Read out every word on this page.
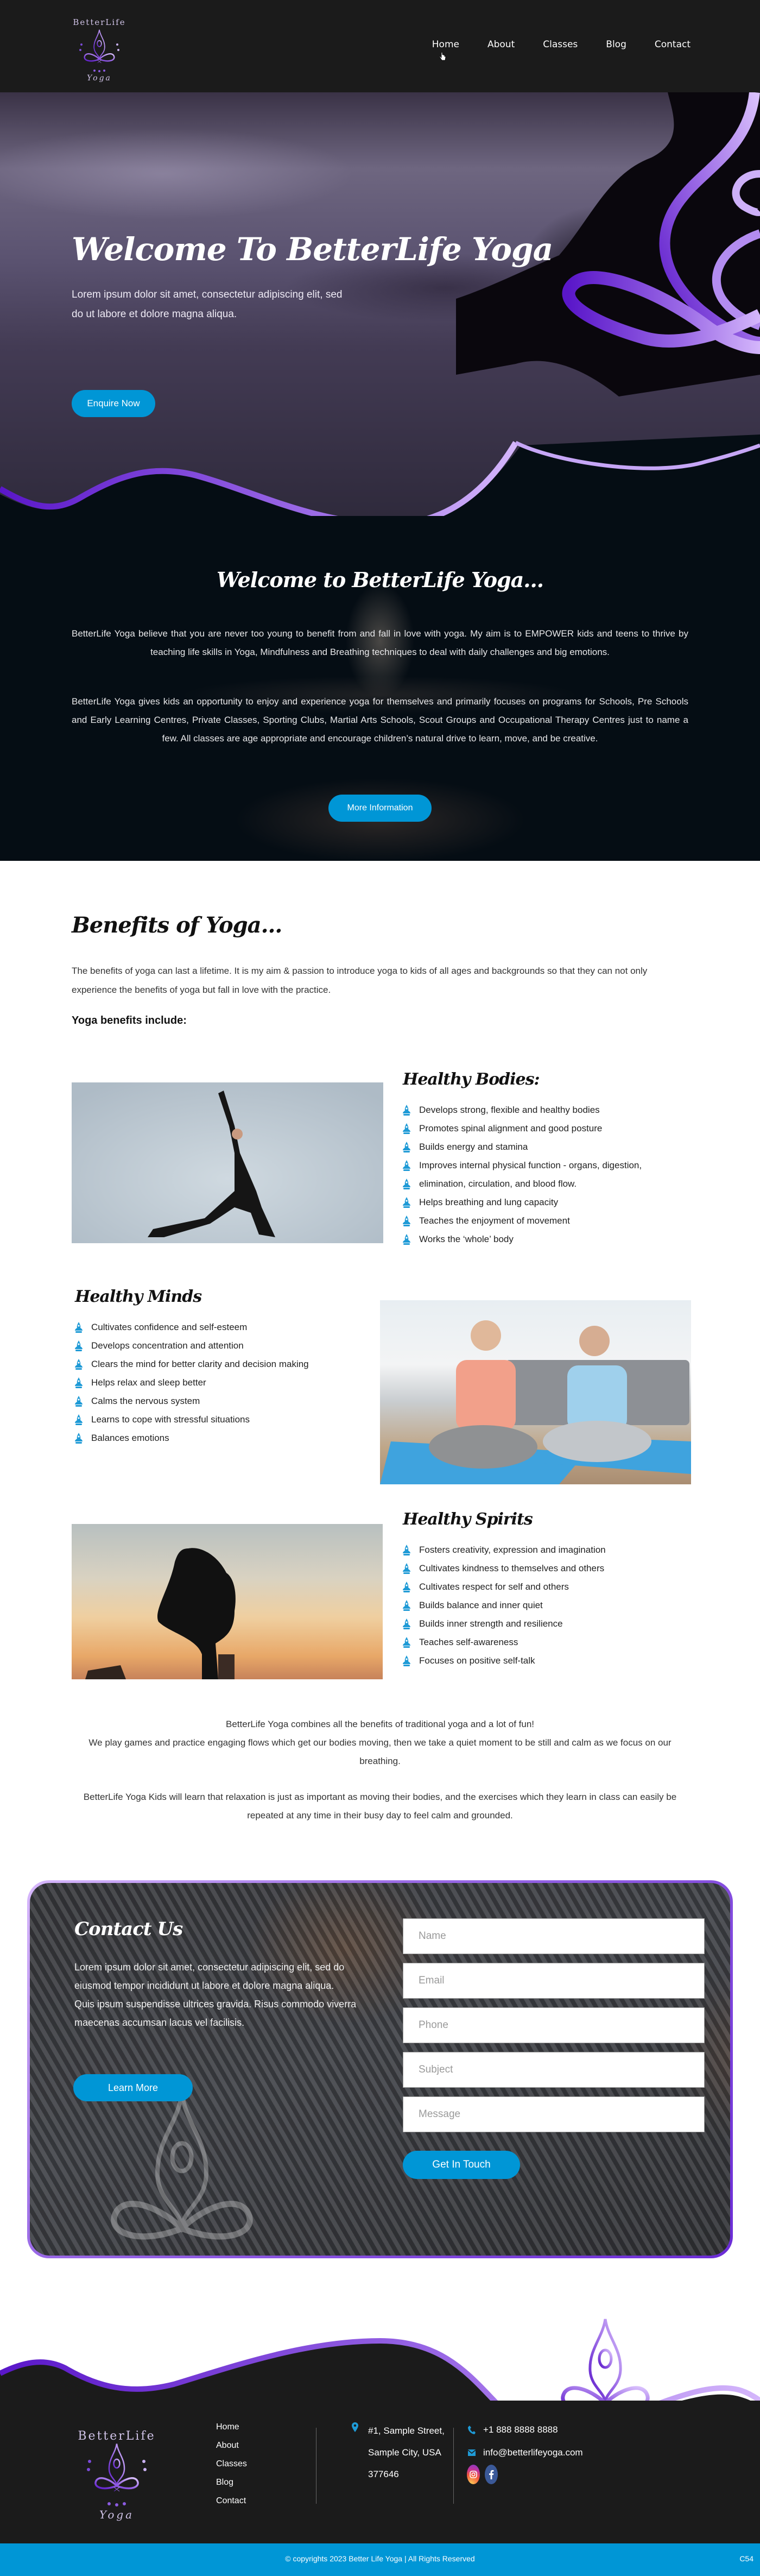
BetterLife
Yoga
Home	About	Classes	Blog	Contact
Welcome To BetterLife Yoga

Lorem ipsum dolor sit amet, consectetur adipiscing elit, sed do ut labore et dolore magna aliqua.

Enquire Now
Welcome to BetterLife Yoga...

BetterLife Yoga believe that you are never too young to benefit from and fall in love with yoga. My aim is to EMPOWER kids and teens to thrive by teaching life skills in Yoga, Mindfulness and Breathing techniques to deal with daily challenges and big emotions.

BetterLife Yoga gives kids an opportunity to enjoy and experience yoga for themselves and primarily focuses on programs for Schools, Pre Schools and Early Learning Centres, Private Classes, Sporting Clubs, Martial Arts Schools, Scout Groups and Occupational Therapy Centres just to name a few. All classes are age appropriate and encourage children’s natural drive to learn, move, and be creative.

More Information
Benefits of Yoga...

The benefits of yoga can last a lifetime. It is my aim & passion to introduce yoga to kids of all ages and backgrounds so that they can not only experience the benefits of yoga but fall in love with the practice.

Yoga benefits include:

Healthy Bodies:
Develops strong, flexible and healthy bodies
Promotes spinal alignment and good posture
Builds energy and stamina
Improves internal physical function - organs, digestion,
elimination, circulation, and blood flow.
Helps breathing and lung capacity
Teaches the enjoyment of movement
Works the ‘whole’ body
Healthy Minds
Cultivates confidence and self-esteem
Develops concentration and attention
Clears the mind for better clarity and decision making
Helps relax and sleep better
Calms the nervous system
Learns to cope with stressful situations
Balances emotions
Healthy Spirits
Fosters creativity, expression and imagination
Cultivates kindness to themselves and others
Cultivates respect for self and others
Builds balance and inner quiet
Builds inner strength and resilience
Teaches self-awareness
Focuses on positive self-talk

BetterLife Yoga combines all the benefits of traditional yoga and a lot of fun!

We play games and practice engaging flows which get our bodies moving, then we take a quiet moment to be still and calm as we focus on our breathing.

BetterLife Yoga Kids will learn that relaxation is just as important as moving their bodies, and the exercises which they learn in class can easily be repeated at any time in their busy day to feel calm and grounded.

Contact Us

Lorem ipsum dolor sit amet, consectetur adipiscing elit, sed do eiusmod tempor incididunt ut labore et dolore magna aliqua. Quis ipsum suspendisse ultrices gravida. Risus commodo viverra maecenas accumsan lacus vel facilisis.

Learn More
Name
Email
Phone
Subject
Message Get In Touch
BetterLife
Yoga
Home
About
Classes
Blog
Contact
#1, Sample Street,
Sample City, USA
377646
+1 888 8888 8888
info@betterlifeyoga.com
© copyrights 2023 Better Life Yoga | All Rights Reserved	C54
